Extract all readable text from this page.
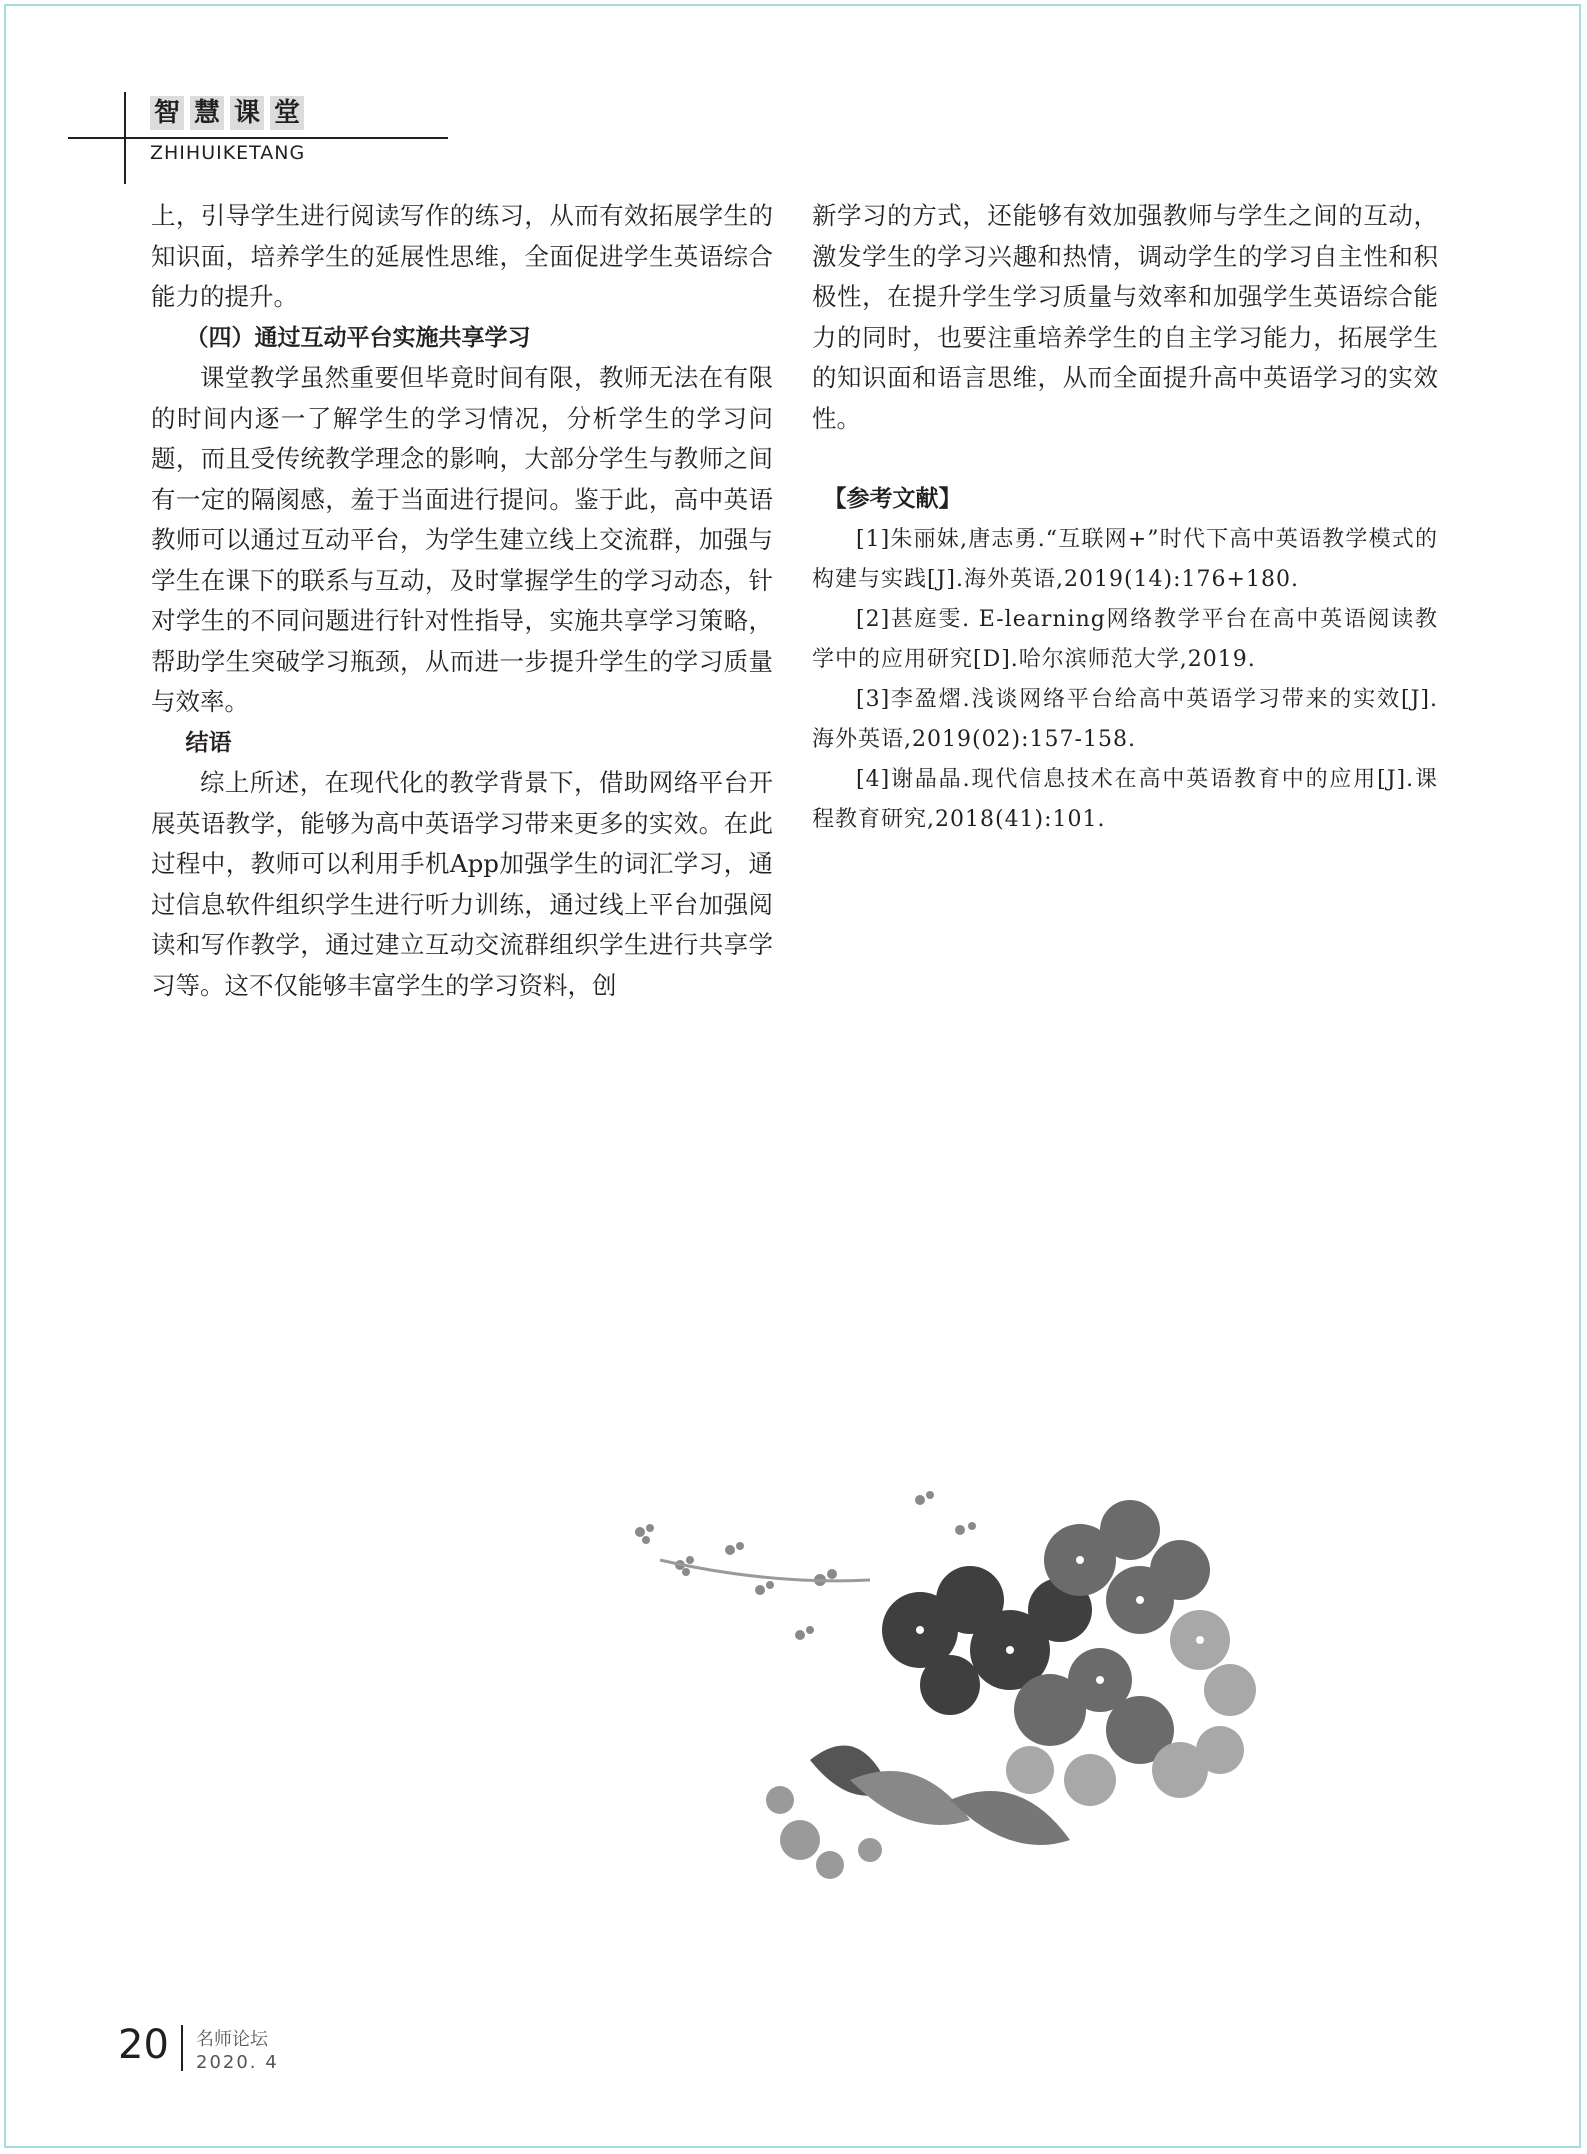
智 慧 课 堂
ZHIHUIKETANG

上，引导学生进行阅读写作的练习，从而有效拓展学生的知识面，培养学生的延展性思维，全面促进学生英语综合能力的提升。

（四）通过互动平台实施共享学习

课堂教学虽然重要但毕竟时间有限，教师无法在有限的时间内逐一了解学生的学习情况，分析学生的学习问题，而且受传统教学理念的影响，大部分学生与教师之间有一定的隔阂感，羞于当面进行提问。鉴于此，高中英语教师可以通过互动平台，为学生建立线上交流群，加强与学生在课下的联系与互动，及时掌握学生的学习动态，针对学生的不同问题进行针对性指导，实施共享学习策略，帮助学生突破学习瓶颈，从而进一步提升学生的学习质量与效率。

结语

综上所述，在现代化的教学背景下，借助网络平台开展英语教学，能够为高中英语学习带来更多的实效。在此过程中，教师可以利用手机App加强学生的词汇学习，通过信息软件组织学生进行听力训练，通过线上平台加强阅读和写作教学，通过建立互动交流群组织学生进行共享学习等。这不仅能够丰富学生的学习资料，创

新学习的方式，还能够有效加强教师与学生之间的互动，激发学生的学习兴趣和热情，调动学生的学习自主性和积极性，在提升学生学习质量与效率和加强学生英语综合能力的同时，也要注重培养学生的自主学习能力，拓展学生的知识面和语言思维，从而全面提升高中英语学习的实效性。

【参考文献】

[1]朱丽妹,唐志勇.“互联网+”时代下高中英语教学模式的构建与实践[J].海外英语,2019(14):176+180.

[2]甚庭雯. E-learning网络教学平台在高中英语阅读教学中的应用研究[D].哈尔滨师范大学,2019.

[3]李盈熠.浅谈网络平台给高中英语学习带来的实效[J].海外英语,2019(02):157-158.

[4]谢晶晶.现代信息技术在高中英语教育中的应用[J].课程教育研究,2018(41):101.

20 名师论坛
2020. 4
